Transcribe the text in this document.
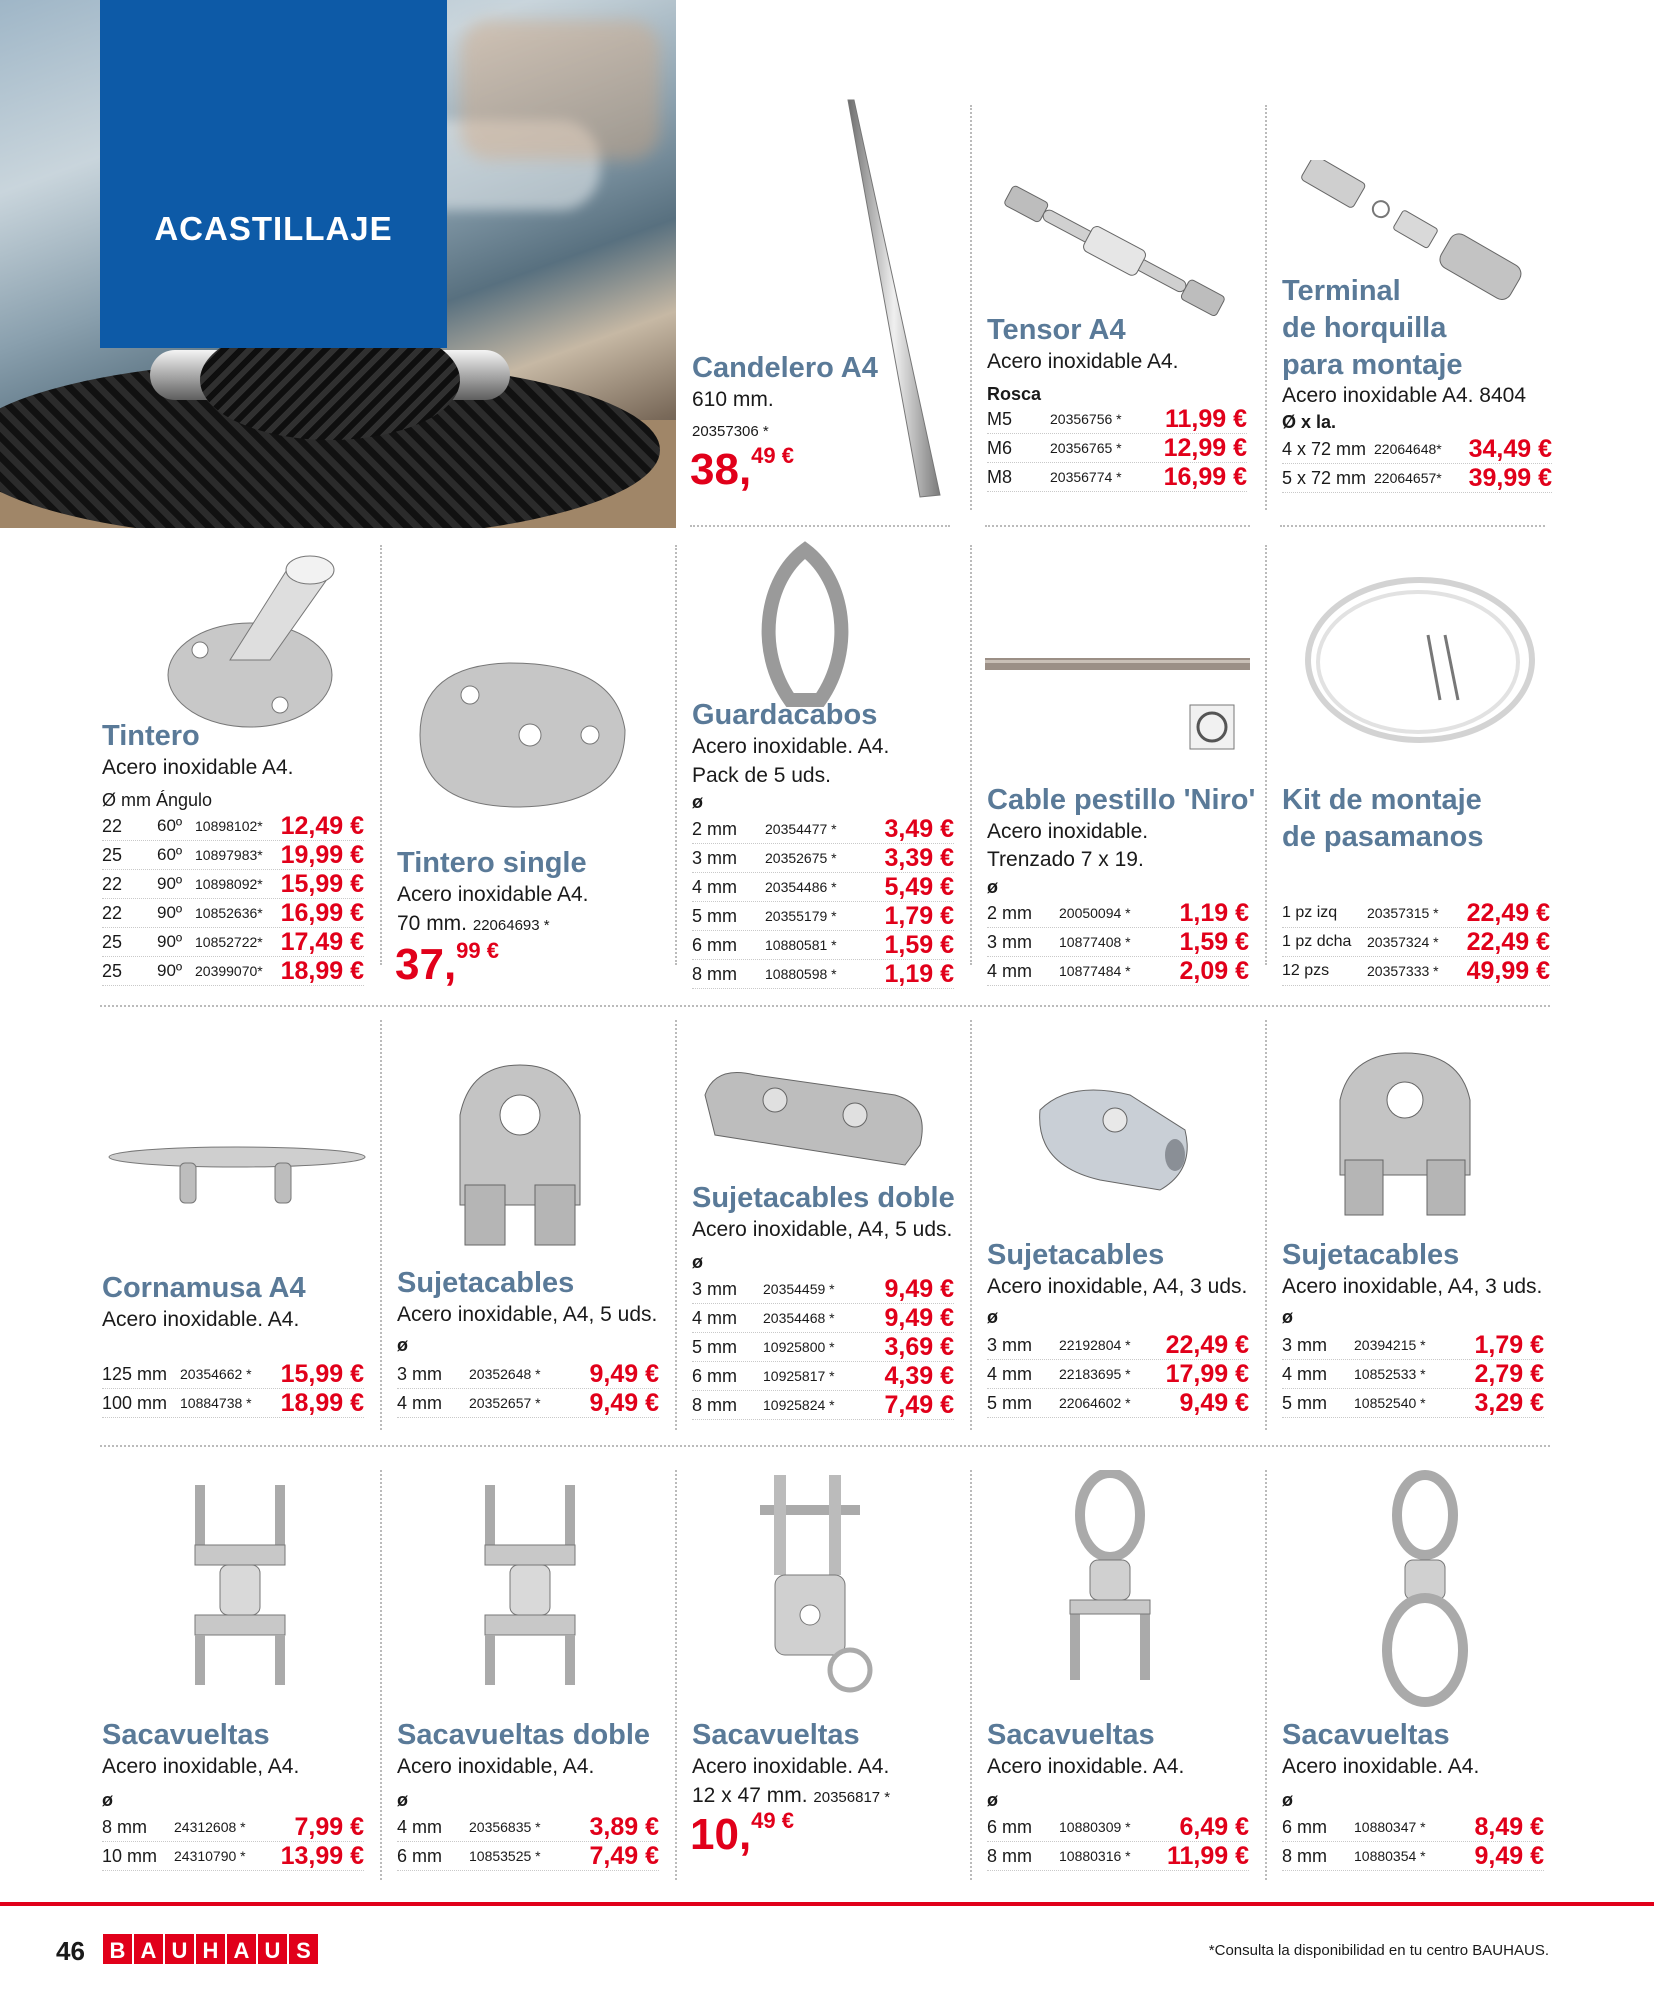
ACASTILLAJE
Candelero A4
610 mm.
20357306 *
38,$^{49 €}$
Tensor A4
Acero inoxidable A4.
Rosca
M5	20356756 * 11,99 €
M6	20356765 * 12,99 €
M8	20356774 * 16,99 €
Terminal
de horquilla
para montaje
Acero inoxidable A4. 8404
Ø x la.
4 x 72 mm 22064648* 34,49 €
5 x 72 mm 22064657* 39,99 €
Tintero
Acero inoxidable A4.
Ø mm Ángulo
22 60º 10898102* 12,49 €
25 60º 10897983* 19,99 €
22 90º 10898092* 15,99 €
22 90º 10852636* 16,99 €
25 90º 10852722* 17,49 €
25 90º 20399070* 18,99 €
Tintero single
Acero inoxidable A4.
70 mm. 22064693 *
37,$^{99 €}$
Guardacabos
Acero inoxidable. A4.
Pack de 5 uds.
ø
2 mm 20354477 * 3,49 €
3 mm 20352675 * 3,39 €
4 mm 20354486 * 5,49 €
5 mm 20355179 * 1,79 €
6 mm 10880581 * 1,59 €
8 mm 10880598 * 1,19 €
Cable pestillo 'Niro'
Acero inoxidable.
Trenzado 7 x 19.
ø
2 mm 20050094 * 1,19 €
3 mm 10877408 * 1,59 €
4 mm 10877484 * 2,09 €
Kit de montaje
de pasamanos
1 pz izq 20357315 * 22,49 €
1 pz dcha 20357324 * 22,49 €
12 pzs	20357333 * 49,99 €
Cornamusa A4
Acero inoxidable. A4.
125 mm 20354662 * 15,99 €
100 mm 10884738 * 18,99 €
Sujetacables
Acero inoxidable, A4, 5 uds.
ø
3 mm 20352648 * 9,49 €
4 mm 20352657 * 9,49 €
Sujetacables doble
Acero inoxidable, A4, 5 uds.
ø
3 mm 20354459 * 9,49 €
4 mm 20354468 * 9,49 €
5 mm 10925800 * 3,69 €
6 mm 10925817 * 4,39 €
8 mm 10925824 * 7,49 €
Sujetacables
Acero inoxidable, A4, 3 uds.
ø
3 mm 22192804 * 22,49 €
4 mm 22183695 * 17,99 €
5 mm 22064602 * 9,49 €
Sujetacables
Acero inoxidable, A4, 3 uds.
ø
3 mm 20394215 * 1,79 €
4 mm 10852533 * 2,79 €
5 mm 10852540 * 3,29 €
Sacavueltas
Acero inoxidable, A4.
ø
8 mm 24312608 * 7,99 €
10 mm 24310790 * 13,99 €
Sacavueltas doble
Acero inoxidable, A4.
ø
4 mm 20356835 * 3,89 €
6 mm 10853525 * 7,49 €
Sacavueltas
Acero inoxidable. A4.
12 x 47 mm. 20356817 *
10,$^{49 €}$
Sacavueltas
Acero inoxidable. A4.
ø
6 mm 10880309 * 6,49 €
8 mm 10880316 * 11,99 €
Sacavueltas
Acero inoxidable. A4.
ø
6 mm 10880347 * 8,49 €
8 mm 10880354 * 9,49 €
46 B A U H A U S	*Consulta la disponibilidad en tu centro BAUHAUS.
